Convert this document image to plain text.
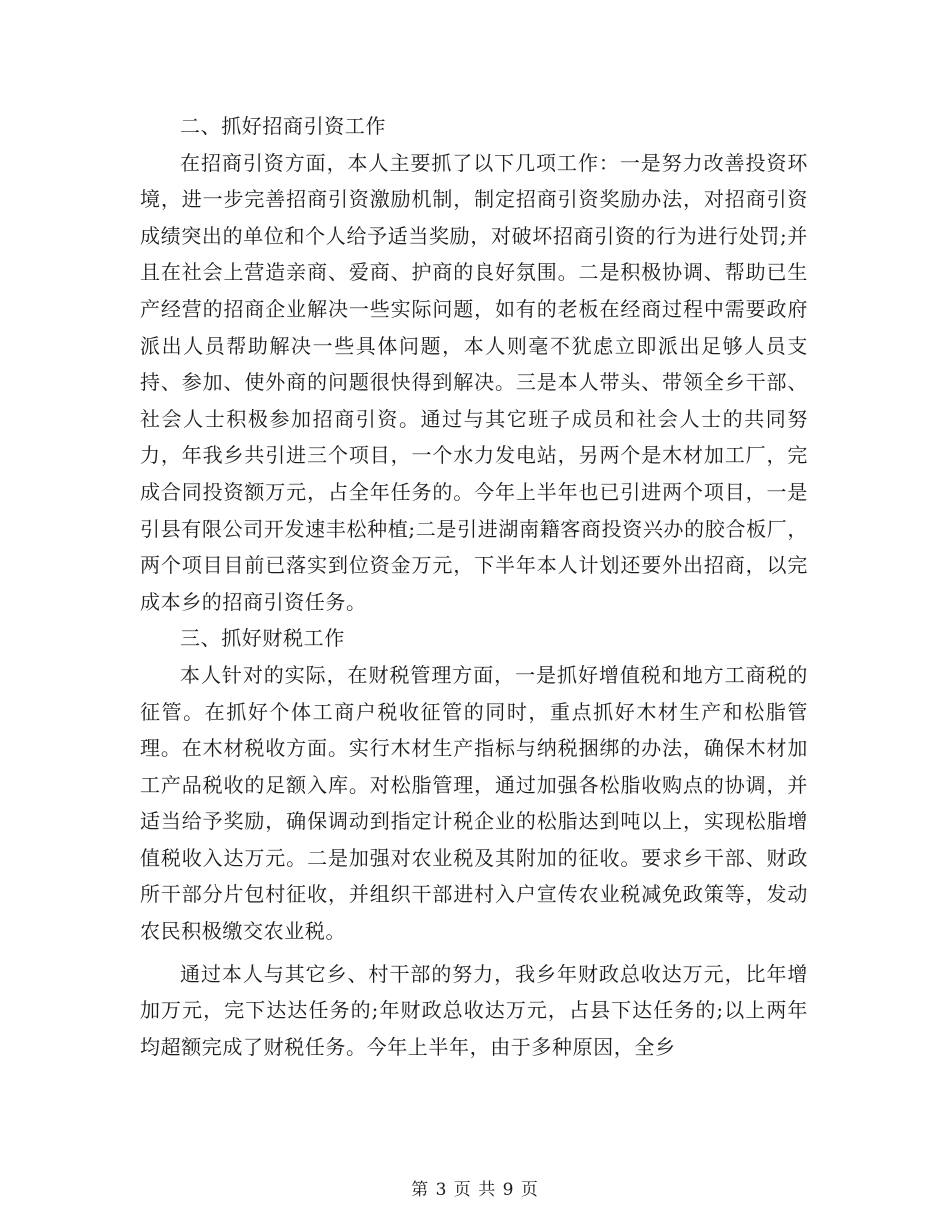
二、抓好招商引资工作

在招商引资方面，本人主要抓了以下几项工作：一是努力改善投资环境，进一步完善招商引资激励机制，制定招商引资奖励办法，对招商引资成绩突出的单位和个人给予适当奖励，对破坏招商引资的行为进行处罚;并且在社会上营造亲商、爱商、护商的良好氛围。二是积极协调、帮助已生产经营的招商企业解决一些实际问题，如有的老板在经商过程中需要政府派出人员帮助解决一些具体问题，本人则毫不犹虑立即派出足够人员支持、参加、使外商的问题很快得到解决。三是本人带头、带领全乡干部、社会人士积极参加招商引资。通过与其它班子成员和社会人士的共同努力，年我乡共引进三个项目，一个水力发电站，另两个是木材加工厂，完成合同投资额万元，占全年任务的。今年上半年也已引进两个项目，一是引县有限公司开发速丰松种植;二是引进湖南籍客商投资兴办的胶合板厂，两个项目目前已落实到位资金万元，下半年本人计划还要外出招商，以完成本乡的招商引资任务。

三、抓好财税工作

本人针对的实际，在财税管理方面，一是抓好增值税和地方工商税的征管。在抓好个体工商户税收征管的同时，重点抓好木材生产和松脂管理。在木材税收方面。实行木材生产指标与纳税捆绑的办法，确保木材加工产品税收的足额入库。对松脂管理，通过加强各松脂收购点的协调，并适当给予奖励，确保调动到指定计税企业的松脂达到吨以上，实现松脂增值税收入达万元。二是加强对农业税及其附加的征收。要求乡干部、财政所干部分片包村征收，并组织干部进村入户宣传农业税减免政策等，发动农民积极缴交农业税。

通过本人与其它乡、村干部的努力，我乡年财政总收达万元，比年增加万元，完下达达任务的;年财政总收达万元，占县下达任务的;以上两年均超额完成了财税任务。今年上半年，由于多种原因，全乡

第 3 页 共 9 页
